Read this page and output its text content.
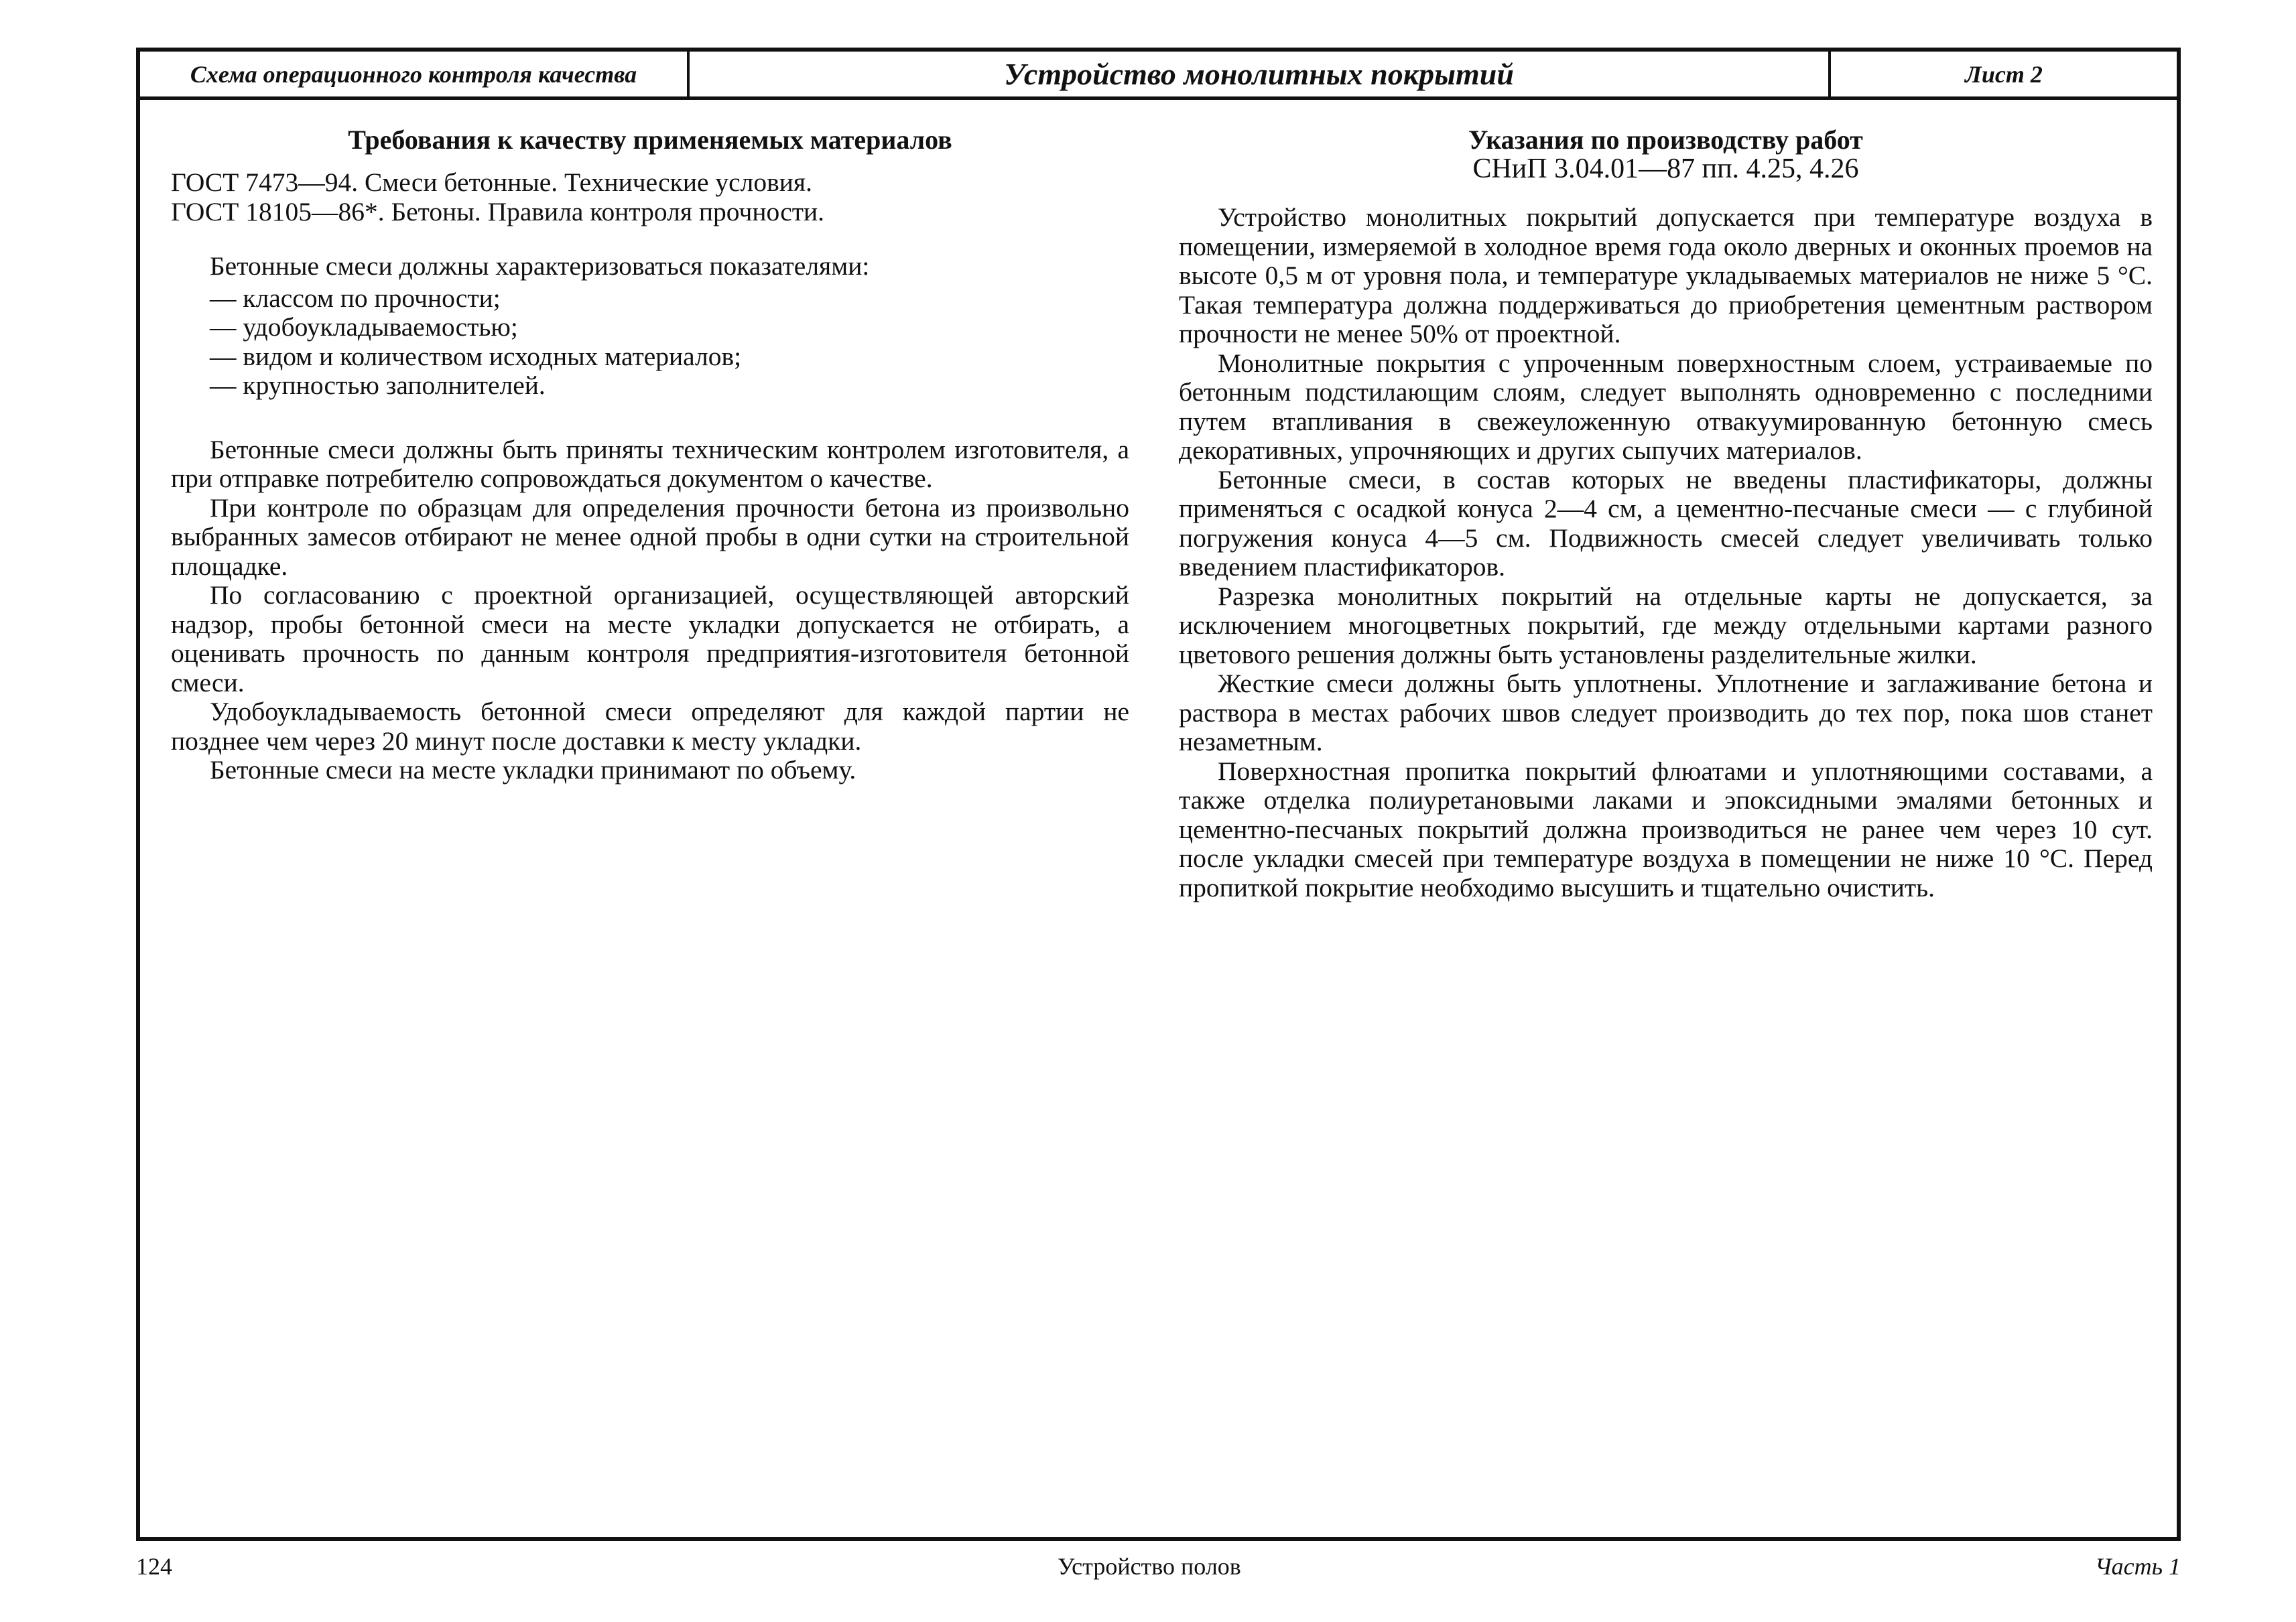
Схема операционного контроля качества	Устройство монолитных покрытий	Лист 2

Требования к качеству применяемых материалов

ГОСТ 7473—94. Смеси бетонные. Технические условия.

ГОСТ 18105—86*. Бетоны. Правила контроля прочности.

Бетонные смеси должны характеризоваться показателями:

— классом по прочности;
— удобоукладываемостью;
— видом и количеством исходных материалов;
— крупностью заполнителей.

Бетонные смеси должны быть приняты техническим контролем изготовителя, а при отправке потребителю сопровождаться документом о качестве.

При контроле по образцам для определения прочности бетона из произвольно выбранных замесов отбирают не менее одной пробы в одни сутки на строительной площадке.

По согласованию с проектной организацией, осуществляющей авторский надзор, пробы бетонной смеси на месте укладки допускается не отбирать, а оценивать прочность по данным контроля предприятия-изготовителя бетонной смеси.

Удобоукладываемость бетонной смеси определяют для каждой партии не позднее чем через 20 минут после доставки к месту укладки.

Бетонные смеси на месте укладки принимают по объему.

Указания по производству работ

СНиП 3.04.01—87 пп. 4.25, 4.26

Устройство монолитных покрытий допускается при температуре воздуха в помещении, измеряемой в холодное время года около дверных и оконных проемов на высоте 0,5 м от уровня пола, и температуре укладываемых материалов не ниже 5 °С. Такая температура должна поддерживаться до приобретения цементным раствором прочности не менее 50% от проектной.

Монолитные покрытия с упроченным поверхностным слоем, устраиваемые по бетонным подстилающим слоям, следует выполнять одновременно с последними путем втапливания в свежеуложенную отвакуумированную бетонную смесь декоративных, упрочняющих и других сыпучих материалов.

Бетонные смеси, в состав которых не введены пластификаторы, должны применяться с осадкой конуса 2—4 см, а цементно-песчаные смеси — с глубиной погружения конуса 4—5 см. Подвижность смесей следует увеличивать только введением пластификаторов.

Разрезка монолитных покрытий на отдельные карты не допускается, за исключением многоцветных покрытий, где между отдельными картами разного цветового решения должны быть установлены разделительные жилки.

Жесткие смеси должны быть уплотнены. Уплотнение и заглаживание бетона и раствора в местах рабочих швов следует производить до тех пор, пока шов станет незаметным.

Поверхностная пропитка покрытий флюатами и уплотняющими составами, а также отделка полиуретановыми лаками и эпоксидными эмалями бетонных и цементно-песчаных покрытий должна производиться не ранее чем через 10 сут. после укладки смесей при температуре воздуха в помещении не ниже 10 °С. Перед пропиткой покрытие необходимо высушить и тщательно очистить.

124	Устройство полов	Часть 1
